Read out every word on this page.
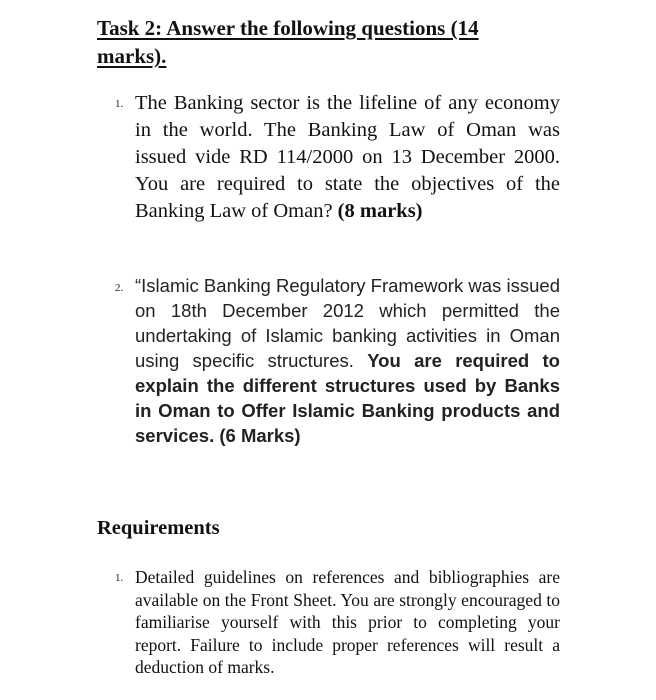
Task 2: Answer the following questions (14 marks).
1. The Banking sector is the lifeline of any economy in the world. The Banking Law of Oman was issued vide RD 114/2000 on 13 December 2000. You are required to state the objectives of the Banking Law of Oman? (8 marks)

2. “Islamic Banking Regulatory Framework was issued on 18th December 2012 which permitted the undertaking of Islamic banking activities in Oman using specific structures. You are required to explain the different structures used by Banks in Oman to Offer Islamic Banking products and services. (6 Marks)

Requirements
1. Detailed guidelines on references and bibliographies are available on the Front Sheet. You are strongly encouraged to familiarise yourself with this prior to completing your report. Failure to include proper references will result a deduction of marks.
